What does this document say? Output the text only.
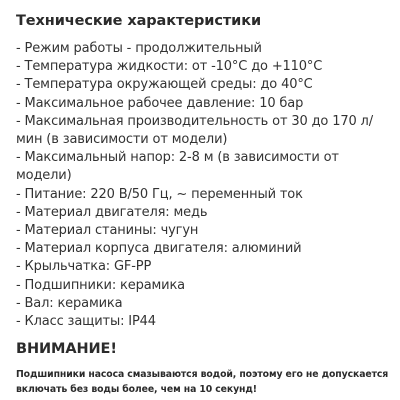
Технические характеристики
- Режим работы - продолжительный
- Температура жидкости: от -10°C до +110°C
- Температура окружающей среды: до 40°C
- Максимальное рабочее давление: 10 бар
- Максимальная производительность от 30 до 170 л/мин (в зависимости от модели)
- Максимальный напор: 2-8 м (в зависимости от модели)
- Питание: 220 В/50 Гц, ~ переменный ток
- Материал двигателя: медь
- Материал станины: чугун
- Материал корпуса двигателя: алюминий
- Крыльчатка: GF-PP
- Подшипники: керамика
- Вал: керамика
- Класс защиты: IP44
ВНИМАНИЕ!

Подшипники насоса смазываются водой, поэтому его не допускается включать без воды более, чем на 10 секунд!
